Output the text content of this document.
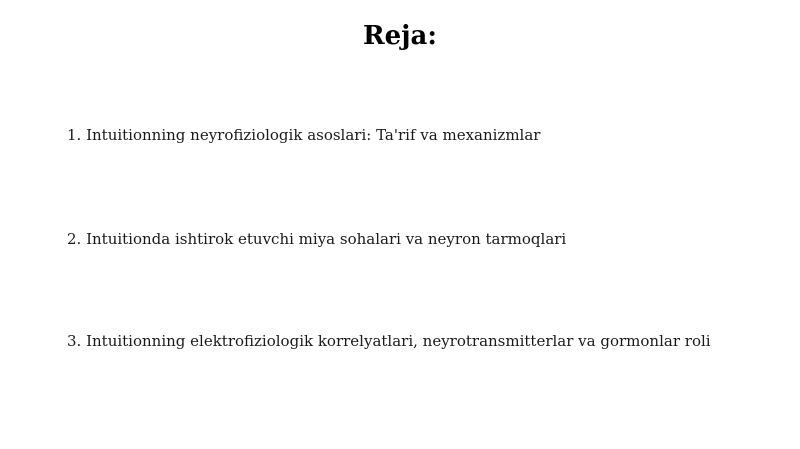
Reja:
1. Intuitionning neyrofiziologik asoslari: Ta'rif va mexanizmlar
2. Intuitionda ishtirok etuvchi miya sohalari va neyron tarmoqlari
3. Intuitionning elektrofiziologik korrelyatlari, neyrotransmitterlar va gormonlar roli
